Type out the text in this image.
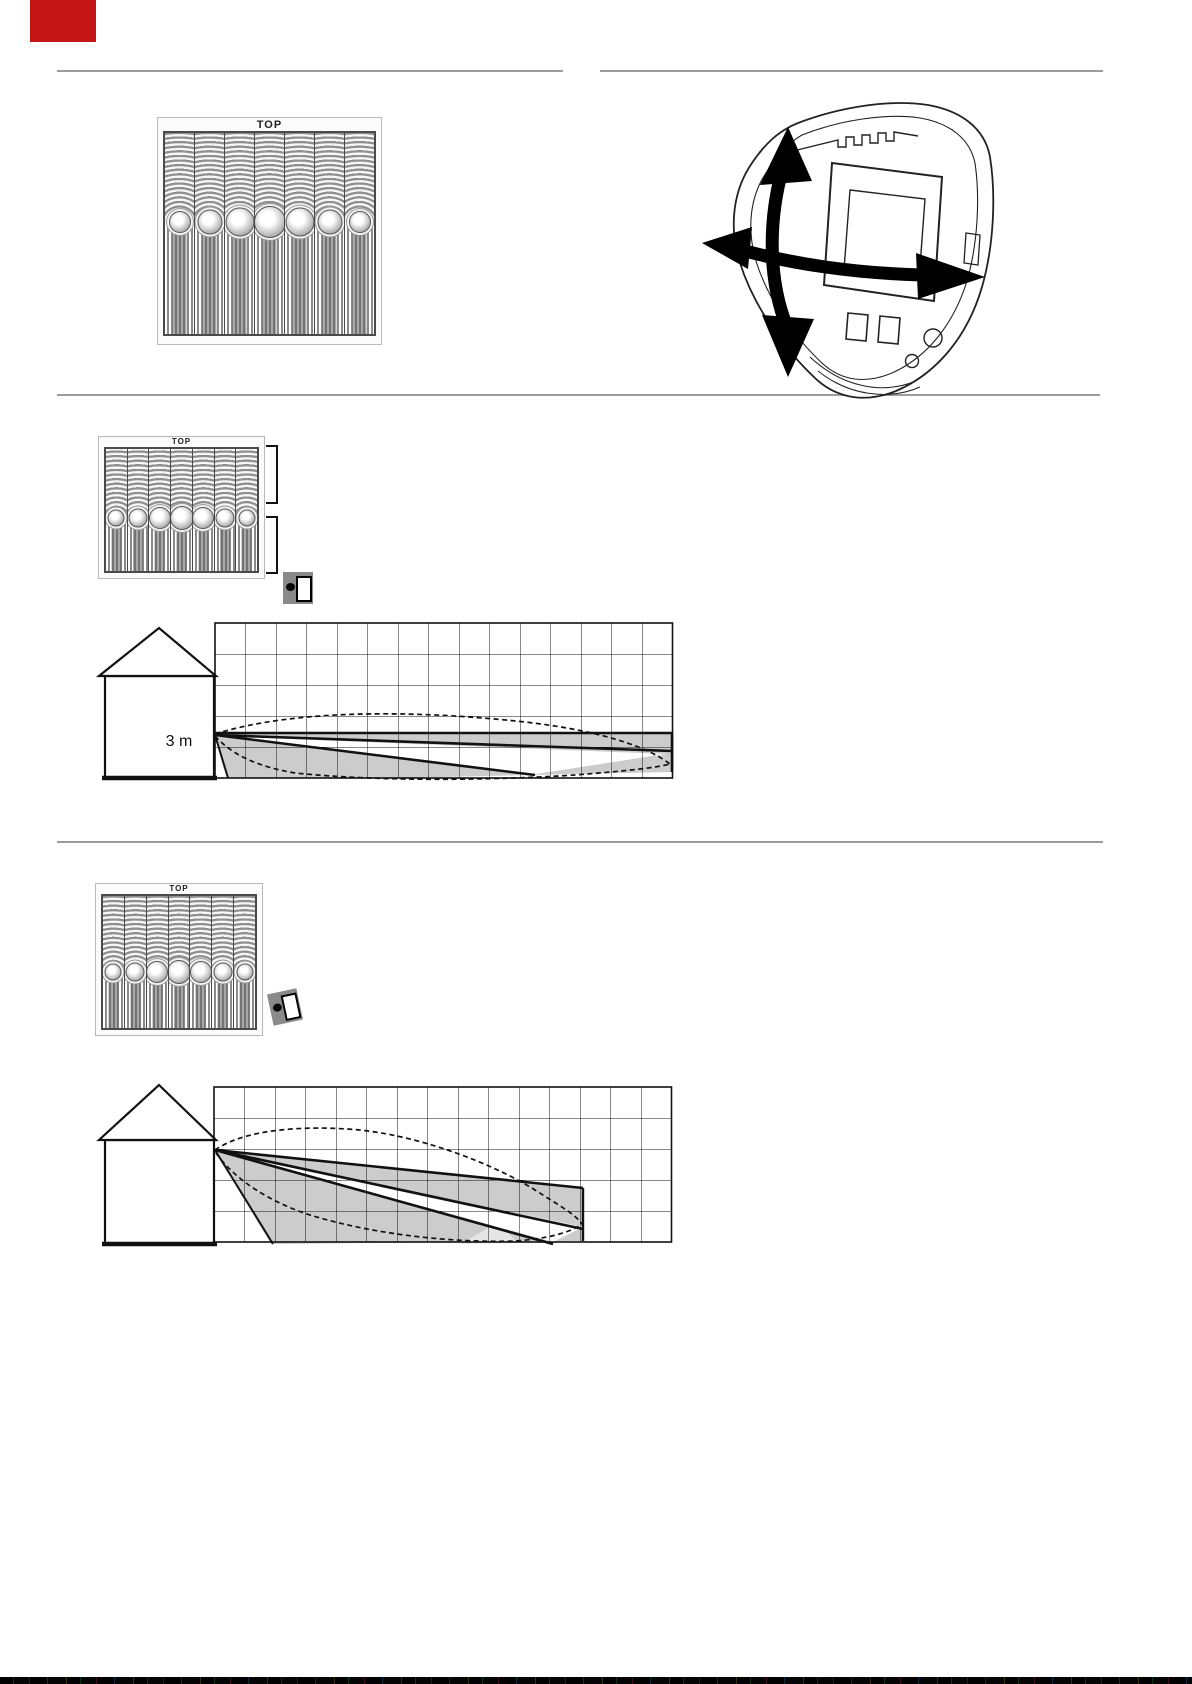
TOP
TOP
3 m
TOP
